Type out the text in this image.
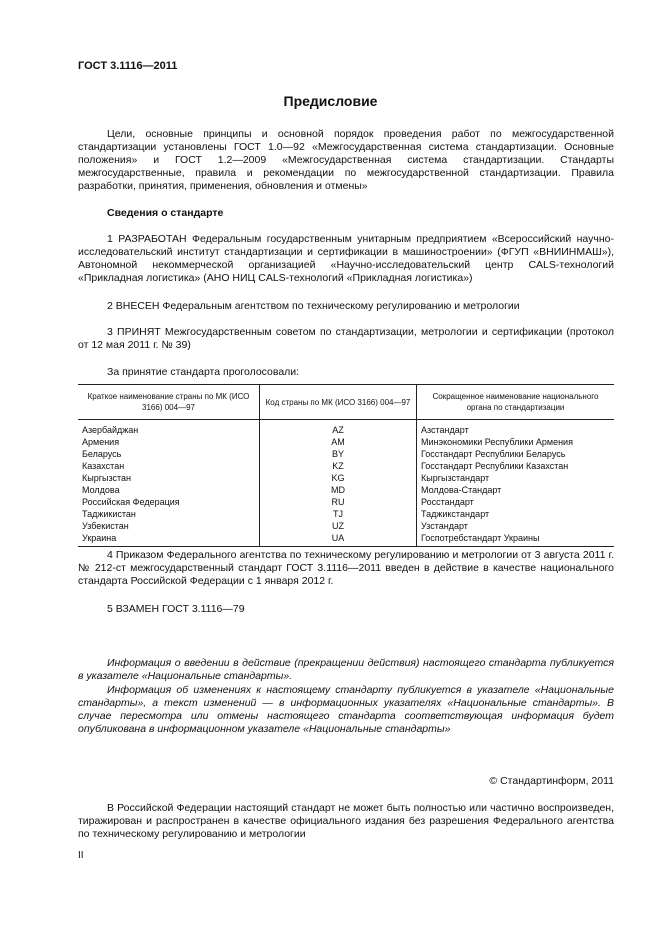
ГОСТ 3.1116—2011
Предисловие

Цели, основные принципы и основной порядок проведения работ по межгосударственной стандартизации установлены ГОСТ 1.0—92 «Межгосударственная система стандартизации. Основные положения» и ГОСТ 1.2—2009 «Межгосударственная система стандартизации. Стандарты межгосударственные, правила и рекомендации по межгосударственной стандартизации. Правила разработки, принятия, применения, обновления и отмены»

Сведения о стандарте

1 РАЗРАБОТАН Федеральным государственным унитарным предприятием «Всероссийский научно-исследовательский институт стандартизации и сертификации в машиностроении» (ФГУП «ВНИИНМАШ»), Автономной некоммерческой организацией «Научно-исследовательский центр CALS-технологий «Прикладная логистика» (АНО НИЦ CALS-технологий «Прикладная логистика»)

2 ВНЕСЕН Федеральным агентством по техническому регулированию и метрологии

3 ПРИНЯТ Межгосударственным советом по стандартизации, метрологии и сертификации (протокол от 12 мая 2011 г. № 39)

За принятие стандарта проголосовали:
Краткое наименование страны по МК (ИСО 3166) 004—97	Код страны по МК (ИСО 3166) 004—97	Сокращенное наименование национального органа по стандартизации
Азербайджан	AZ	Азстандарт
Армения	AM	Минэкономики Республики Армения
Беларусь	BY	Госстандарт Республики Беларусь
Казахстан	KZ	Госстандарт Республики Казахстан
Кыргызстан	KG	Кыргызстандарт
Молдова	MD	Молдова-Стандарт
Российская Федерация	RU	Росстандарт
Таджикистан	TJ	Таджикстандарт
Узбекистан	UZ	Узстандарт
Украина	UA	Госпотребстандарт Украины

4 Приказом Федерального агентства по техническому регулированию и метрологии от 3 августа 2011 г. № 212-ст межгосударственный стандарт ГОСТ 3.1116—2011 введен в действие в качестве национального стандарта Российской Федерации с 1 января 2012 г.

5 ВЗАМЕН ГОСТ 3.1116—79

Информация о введении в действие (прекращении действия) настоящего стандарта публикуется в указателе «Национальные стандарты».

Информация об изменениях к настоящему стандарту публикуется в указателе «Национальные стандарты», а текст изменений — в информационных указателях «Национальные стандарты». В случае пересмотра или отмены настоящего стандарта соответствующая информация будет опубликована в информационном указателе «Национальные стандарты»

© Стандартинформ, 2011

В Российской Федерации настоящий стандарт не может быть полностью или частично воспроизведен, тиражирован и распространен в качестве официального издания без разрешения Федерального агентства по техническому регулированию и метрологии

II
